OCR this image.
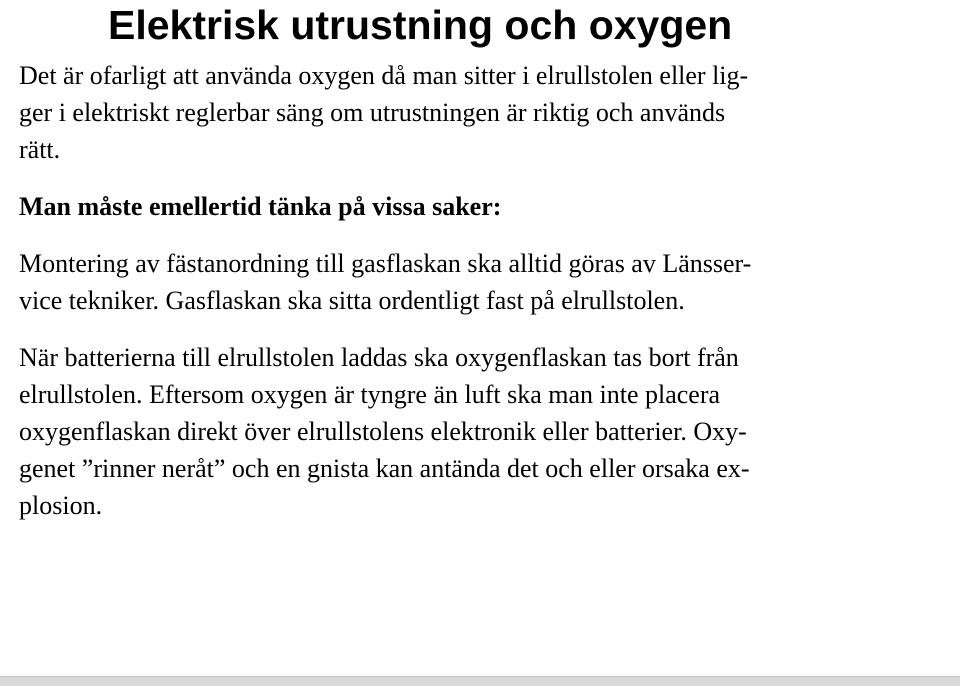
Elektrisk utrustning och oxygen

Det är ofarligt att använda oxygen då man sitter i elrullstolen eller lig-
ger i elektriskt reglerbar säng om utrustningen är riktig och används
rätt.

Man måste emellertid tänka på vissa saker:

Montering av fästanordning till gasflaskan ska alltid göras av Länsser-
vice tekniker. Gasflaskan ska sitta ordentligt fast på elrullstolen.

När batterierna till elrullstolen laddas ska oxygenflaskan tas bort från
elrullstolen. Eftersom oxygen är tyngre än luft ska man inte placera
oxygenflaskan direkt över elrullstolens elektronik eller batterier. Oxy-
genet ”rinner neråt” och en gnista kan antända det och eller orsaka ex-
plosion.
